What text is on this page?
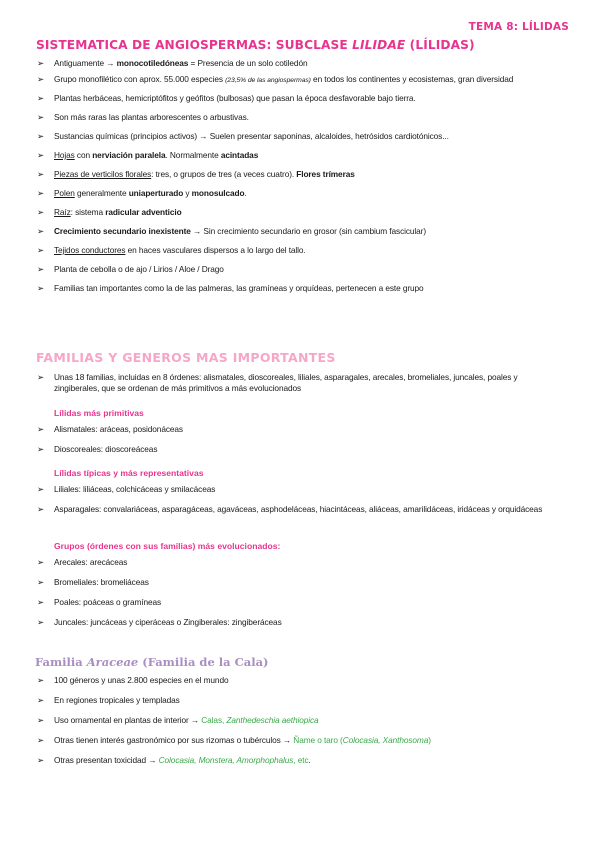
TEMA 8: LÍLIDAS
SISTEMATICA DE ANGIOSPERMAS: SUBCLASE LILIDAE (LÍLIDAS)
➢ Antiguamente → monocotiledóneas = Presencia de un solo cotiledón
➢ Grupo monofilético con aprox. 55.000 especies (23,5% de las angiospermas) en todos los continentes y ecosistemas, gran diversidad
➢ Plantas herbáceas, hemicriptófitos y geófitos (bulbosas) que pasan la época desfavorable bajo tierra.
➢ Son más raras las plantas arborescentes o arbustivas.
➢ Sustancias químicas (principios activos) → Suelen presentar saponinas, alcaloides, hetrósidos cardiotónicos...
➢ Hojas con nerviación paralela. Normalmente acintadas
➢ Piezas de verticilos florales: tres, o grupos de tres (a veces cuatro). Flores trímeras
➢ Polen generalmente uniaperturado y monosulcado.
➢ Raíz: sistema radicular adventicio
➢ Crecimiento secundario inexistente → Sin crecimiento secundario en grosor (sin cambium fascicular)
➢ Tejidos conductores en haces vasculares dispersos a lo largo del tallo.
➢ Planta de cebolla o de ajo / Lirios / Aloe / Drago
➢ Familias tan importantes como la de las palmeras, las gramíneas y orquídeas, pertenecen a este grupo
FAMILIAS Y GENEROS MAS IMPORTANTES
➢ Unas 18 familias, incluidas en 8 órdenes: alismatales, dioscoreales, liliales, asparagales, arecales, bromeliales, juncales, poales y zingiberales, que se ordenan de más primitivos a más evolucionados
Lílidas más primitivas
➢ Alismatales: aráceas, posidonáceas
➢ Dioscoreales: dioscoreáceas
Lílidas típicas y más representativas
➢ Liliales: liliáceas, colchicáceas y smilacáceas
➢ Asparagales: convalariáceas, asparagáceas, agaváceas, asphodeláceas, hiacintáceas, aliáceas, amarilidáceas, iridáceas y orquidáceas
Grupos (órdenes con sus familias) más evolucionados:
➢ Arecales: arecáceas
➢ Bromeliales: bromeliáceas
➢ Poales: poáceas o gramíneas
➢ Juncales: juncáceas y ciperáceas o Zingiberales: zingiberáceas
Familia Araceae (Familia de la Cala)
➢ 100 géneros y unas 2.800 especies en el mundo
➢ En regiones tropicales y templadas
➢ Uso ornamental en plantas de interior → Calas, Zanthedeschia aethiopica
➢ Otras tienen interés gastronómico por sus rizomas o tubérculos → Ñame o taro (Colocasia, Xanthosoma)
➢ Otras presentan toxicidad → Colocasia, Monstera, Amorphophalus, etc.
